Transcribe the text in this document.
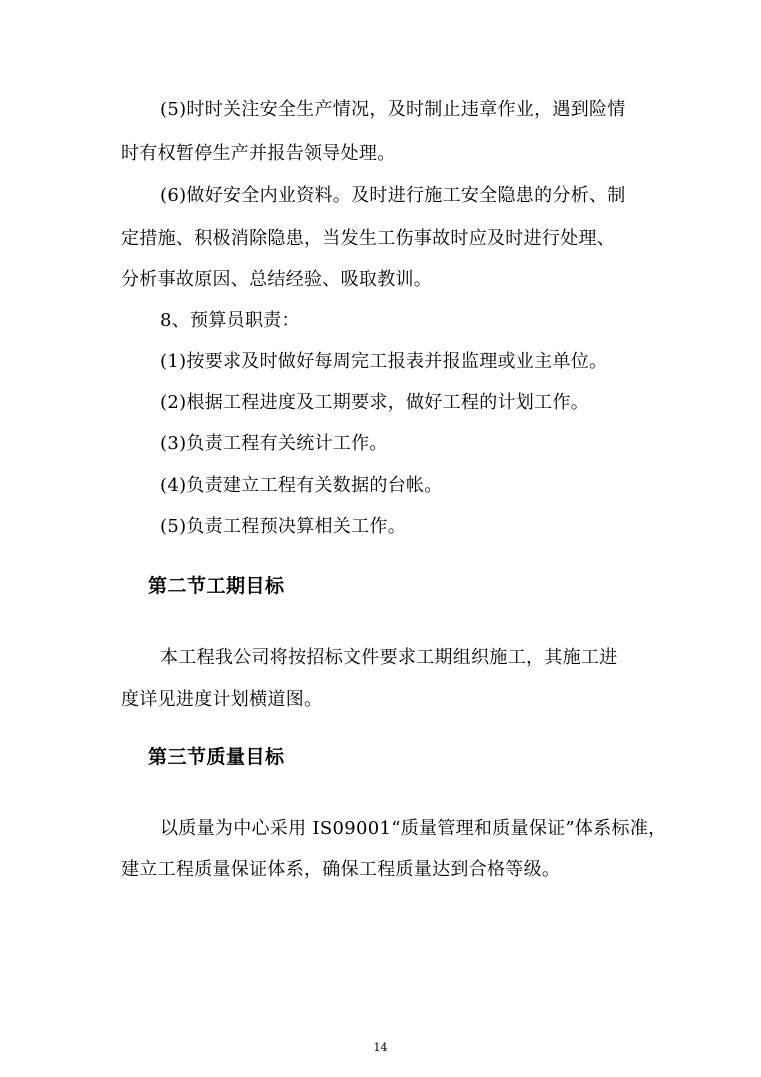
(5)时时关注安全生产情况，及时制止违章作业，遇到险情
时有权暂停生产并报告领导处理。
(6)做好安全内业资料。及时进行施工安全隐患的分析、制
定措施、积极消除隐患，当发生工伤事故时应及时进行处理、
分析事故原因、总结经验、吸取教训。
8、预算员职责：
(1)按要求及时做好每周完工报表并报监理或业主单位。
(2)根据工程进度及工期要求，做好工程的计划工作。
(3)负责工程有关统计工作。
(4)负责建立工程有关数据的台帐。
(5)负责工程预决算相关工作。
第二节工期目标
本工程我公司将按招标文件要求工期组织施工，其施工进
度详见进度计划横道图。
第三节质量目标
以质量为中心采用 IS09001“质量管理和质量保证”体系标准，
建立工程质量保证体系，确保工程质量达到合格等级。
14
